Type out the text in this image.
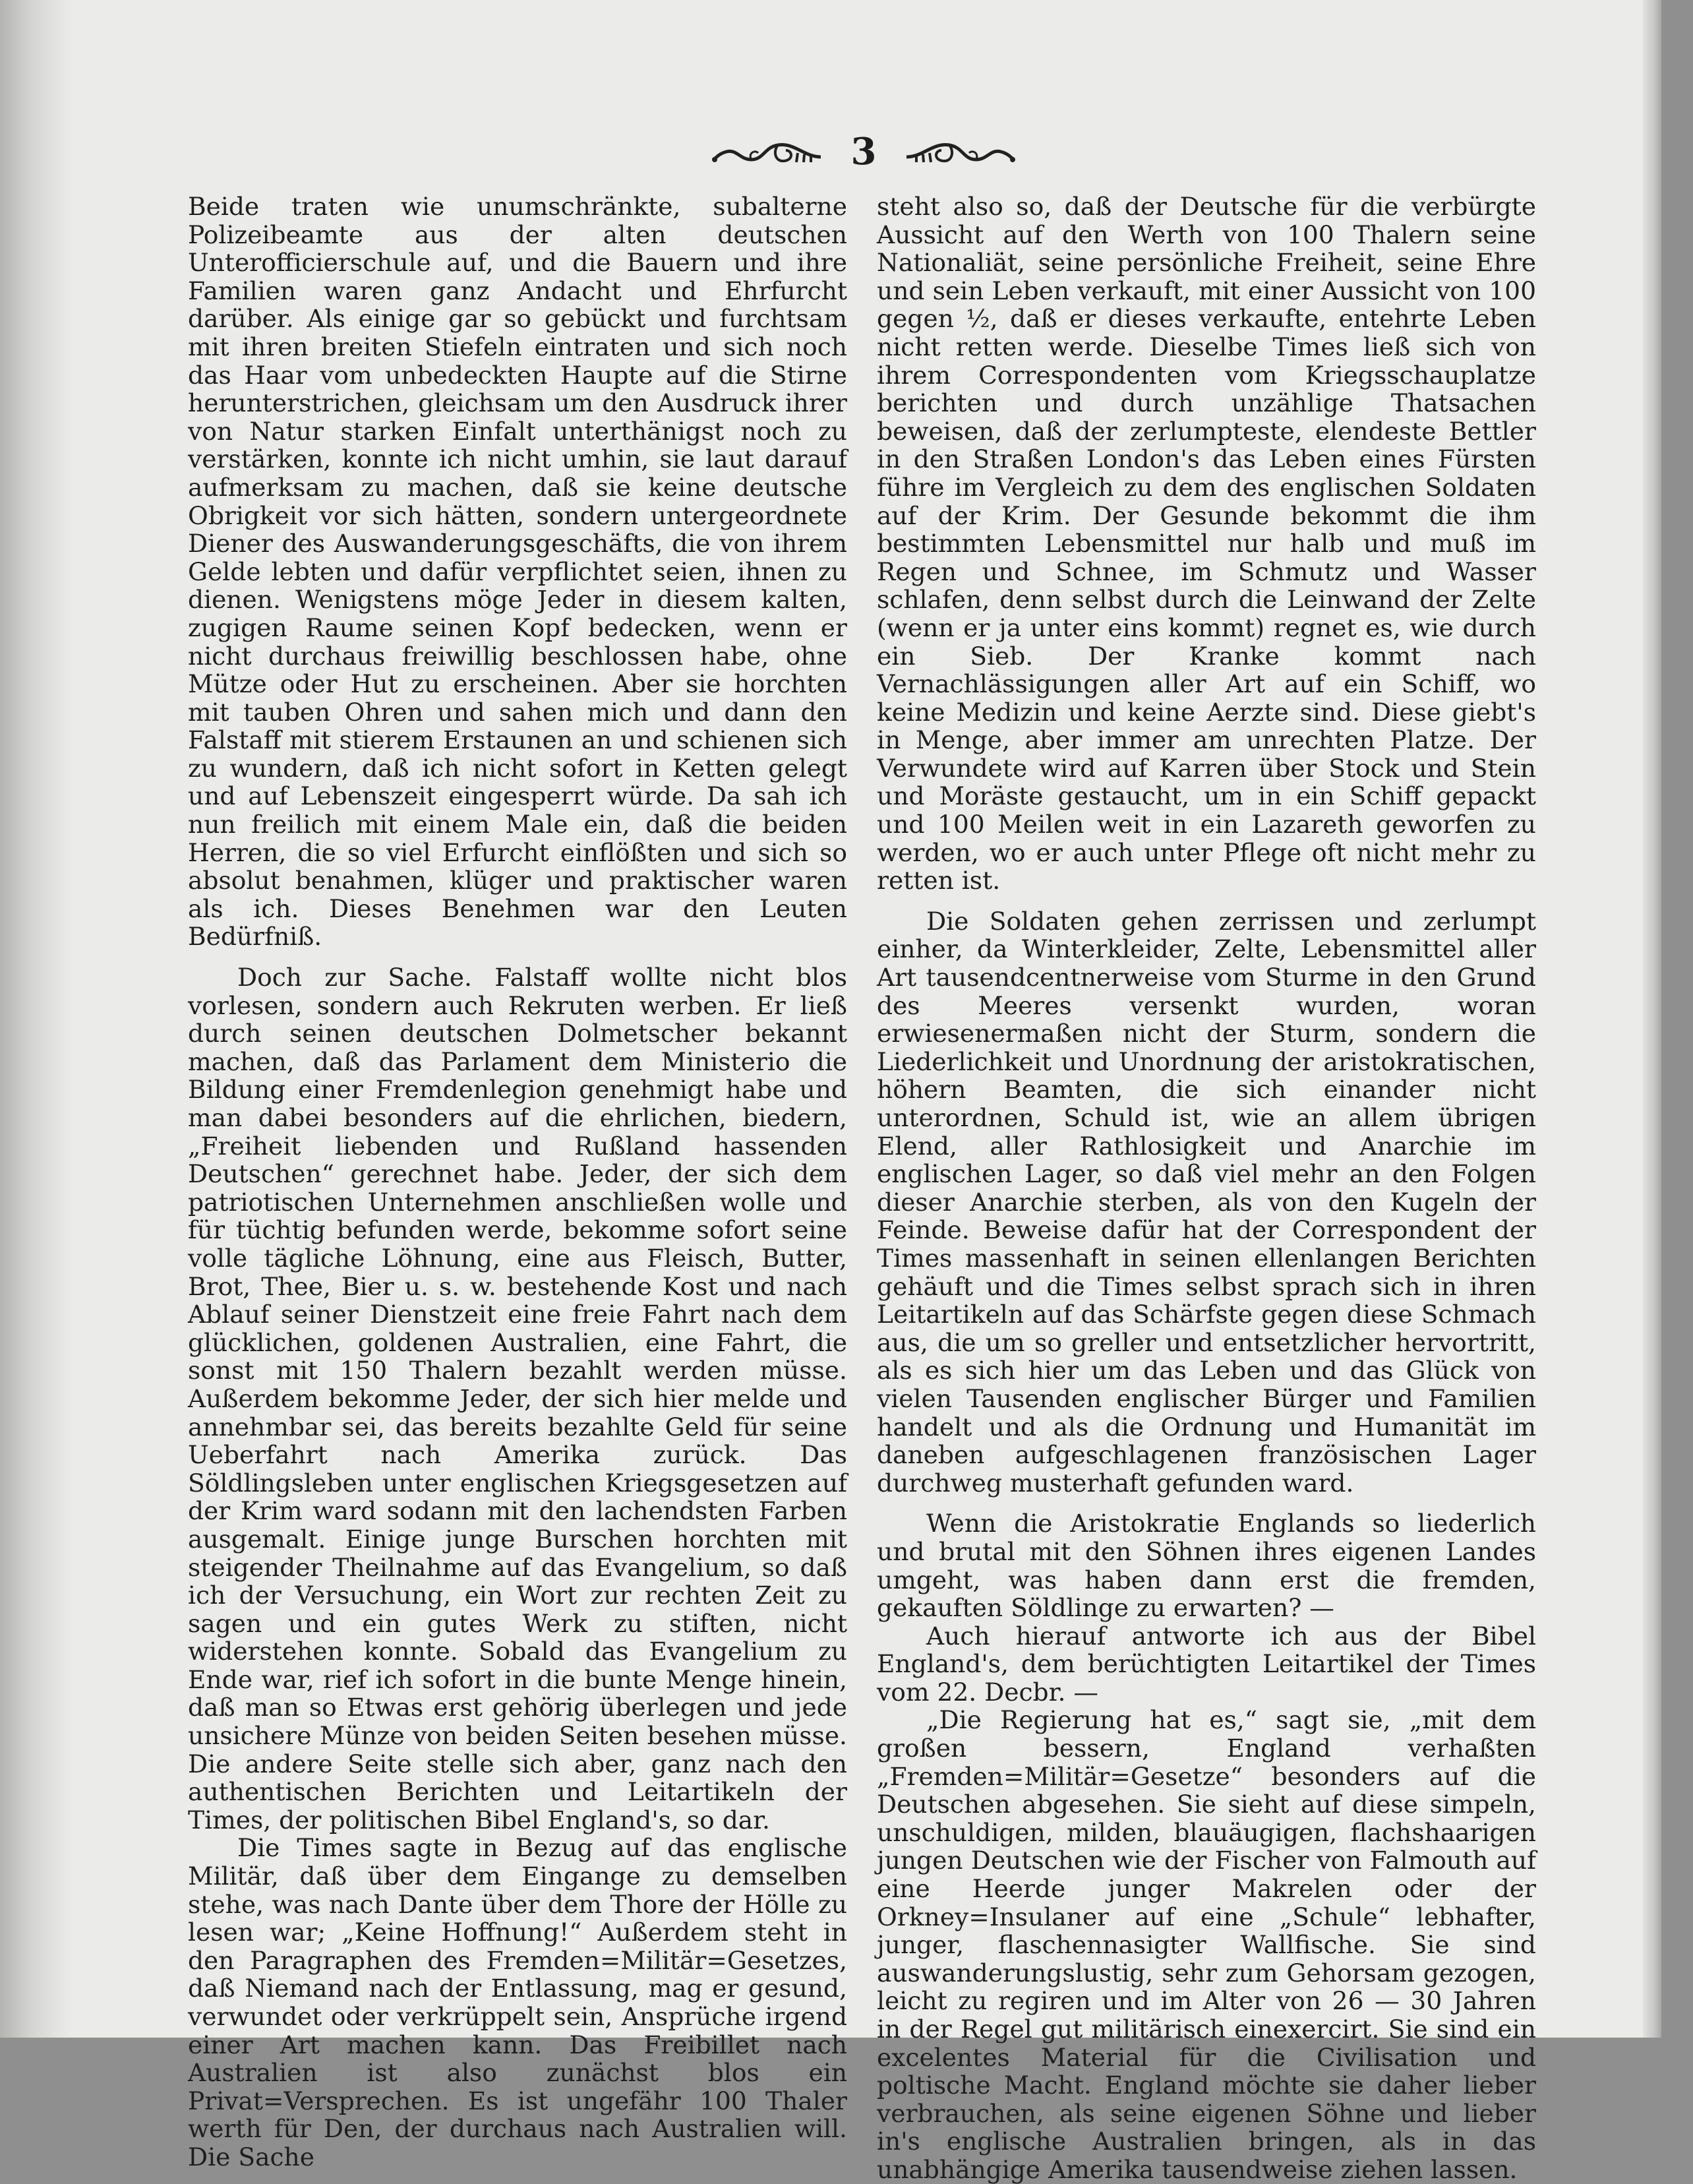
3

Beide traten wie unumschränkte, subalterne Polizeibeamte aus der alten deutschen Unterofficierschule auf, und die Bauern und ihre Familien waren ganz Andacht und Ehrfurcht darüber. Als einige gar so gebückt und furchtsam mit ihren breiten Stiefeln eintraten und sich noch das Haar vom unbedeckten Haupte auf die Stirne herunterstrichen, gleichsam um den Ausdruck ihrer von Natur starken Einfalt unterthänigst noch zu verstärken, konnte ich nicht umhin, sie laut darauf aufmerksam zu machen, daß sie keine deutsche Obrigkeit vor sich hätten, sondern untergeordnete Diener des Auswanderungsgeschäfts, die von ihrem Gelde lebten und dafür verpflichtet seien, ihnen zu dienen. Wenigstens möge Jeder in diesem kalten, zugigen Raume seinen Kopf bedecken, wenn er nicht durchaus freiwillig beschlossen habe, ohne Mütze oder Hut zu erscheinen. Aber sie horchten mit tauben Ohren und sahen mich und dann den Falstaff mit stierem Erstaunen an und schienen sich zu wundern, daß ich nicht sofort in Ketten gelegt und auf Lebenszeit eingesperrt würde. Da sah ich nun freilich mit einem Male ein, daß die beiden Herren, die so viel Erfurcht einflößten und sich so absolut benahmen, klüger und praktischer waren als ich. Dieses Benehmen war den Leuten Bedürfniß.

Doch zur Sache. Falstaff wollte nicht blos vorlesen, sondern auch Rekruten werben. Er ließ durch seinen deutschen Dolmetscher bekannt machen, daß das Parlament dem Ministerio die Bildung einer Fremdenlegion genehmigt habe und man dabei besonders auf die ehrlichen, biedern, „Freiheit liebenden und Rußland hassenden Deutschen“ gerechnet habe. Jeder, der sich dem patriotischen Unternehmen anschließen wolle und für tüchtig befunden werde, bekomme sofort seine volle tägliche Löhnung, eine aus Fleisch, Butter, Brot, Thee, Bier u. s. w. bestehende Kost und nach Ablauf seiner Dienstzeit eine freie Fahrt nach dem glücklichen, goldenen Australien, eine Fahrt, die sonst mit 150 Thalern bezahlt werden müsse. Außerdem bekomme Jeder, der sich hier melde und annehmbar sei, das bereits bezahlte Geld für seine Ueberfahrt nach Amerika zurück. Das Söldlingsleben unter englischen Kriegsgesetzen auf der Krim ward sodann mit den lachendsten Farben ausgemalt. Einige junge Burschen horchten mit steigender Theilnahme auf das Evangelium, so daß ich der Versuchung, ein Wort zur rechten Zeit zu sagen und ein gutes Werk zu stiften, nicht widerstehen konnte. Sobald das Evangelium zu Ende war, rief ich sofort in die bunte Menge hinein, daß man so Etwas erst gehörig überlegen und jede unsichere Münze von beiden Seiten besehen müsse. Die andere Seite stelle sich aber, ganz nach den authentischen Berichten und Leitartikeln der Times, der politischen Bibel England's, so dar.

Die Times sagte in Bezug auf das englische Militär, daß über dem Eingange zu demselben stehe, was nach Dante über dem Thore der Hölle zu lesen war; „Keine Hoffnung!“ Außerdem steht in den Paragraphen des Fremden=Militär=Gesetzes, daß Niemand nach der Entlassung, mag er gesund, verwundet oder verkrüppelt sein, Ansprüche irgend einer Art machen kann. Das Freibillet nach Australien ist also zunächst blos ein Privat=Versprechen. Es ist ungefähr 100 Thaler werth für Den, der durchaus nach Australien will. Die Sache

steht also so, daß der Deutsche für die verbürgte Aussicht auf den Werth von 100 Thalern seine Nationaliät, seine persönliche Freiheit, seine Ehre und sein Leben verkauft, mit einer Aussicht von 100 gegen ½, daß er dieses verkaufte, entehrte Leben nicht retten werde. Dieselbe Times ließ sich von ihrem Correspondenten vom Kriegsschauplatze berichten und durch unzählige Thatsachen beweisen, daß der zerlumpteste, elendeste Bettler in den Straßen London's das Leben eines Fürsten führe im Vergleich zu dem des englischen Soldaten auf der Krim. Der Gesunde bekommt die ihm bestimmten Lebensmittel nur halb und muß im Regen und Schnee, im Schmutz und Wasser schlafen, denn selbst durch die Leinwand der Zelte (wenn er ja unter eins kommt) regnet es, wie durch ein Sieb. Der Kranke kommt nach Vernachlässigungen aller Art auf ein Schiff, wo keine Medizin und keine Aerzte sind. Diese giebt's in Menge, aber immer am unrechten Platze. Der Verwundete wird auf Karren über Stock und Stein und Moräste gestaucht, um in ein Schiff gepackt und 100 Meilen weit in ein Lazareth geworfen zu werden, wo er auch unter Pflege oft nicht mehr zu retten ist.

Die Soldaten gehen zerrissen und zerlumpt einher, da Winterkleider, Zelte, Lebensmittel aller Art tausendcentnerweise vom Sturme in den Grund des Meeres versenkt wurden, woran erwiesenermaßen nicht der Sturm, sondern die Liederlichkeit und Unordnung der aristokratischen, höhern Beamten, die sich einander nicht unterordnen, Schuld ist, wie an allem übrigen Elend, aller Rathlosigkeit und Anarchie im englischen Lager, so daß viel mehr an den Folgen dieser Anarchie sterben, als von den Kugeln der Feinde. Beweise dafür hat der Correspondent der Times massenhaft in seinen ellenlangen Berichten gehäuft und die Times selbst sprach sich in ihren Leitartikeln auf das Schärfste gegen diese Schmach aus, die um so greller und entsetzlicher hervortritt, als es sich hier um das Leben und das Glück von vielen Tausenden englischer Bürger und Familien handelt und als die Ordnung und Humanität im daneben aufgeschlagenen französischen Lager durchweg musterhaft gefunden ward.

Wenn die Aristokratie Englands so liederlich und brutal mit den Söhnen ihres eigenen Landes umgeht, was haben dann erst die fremden, gekauften Söldlinge zu erwarten? —

Auch hierauf antworte ich aus der Bibel England's, dem berüchtigten Leitartikel der Times vom 22. Decbr. —

„Die Regierung hat es,“ sagt sie, „mit dem großen bessern, England verhaßten „Fremden=Militär=Gesetze“ besonders auf die Deutschen abgesehen. Sie sieht auf diese simpeln, unschuldigen, milden, blauäugigen, flachshaarigen jungen Deutschen wie der Fischer von Falmouth auf eine Heerde junger Makrelen oder der Orkney=Insulaner auf eine „Schule“ lebhafter, junger, flaschennasigter Wallfische. Sie sind auswanderungslustig, sehr zum Gehorsam gezogen, leicht zu regiren und im Alter von 26 — 30 Jahren in der Regel gut militärisch einexercirt. Sie sind ein excelentes Material für die Civilisation und poltische Macht. England möchte sie daher lieber verbrauchen, als seine eigenen Söhne und lieber in's englische Australien bringen, als in das unabhängige Amerika tausendweise ziehen lassen.
